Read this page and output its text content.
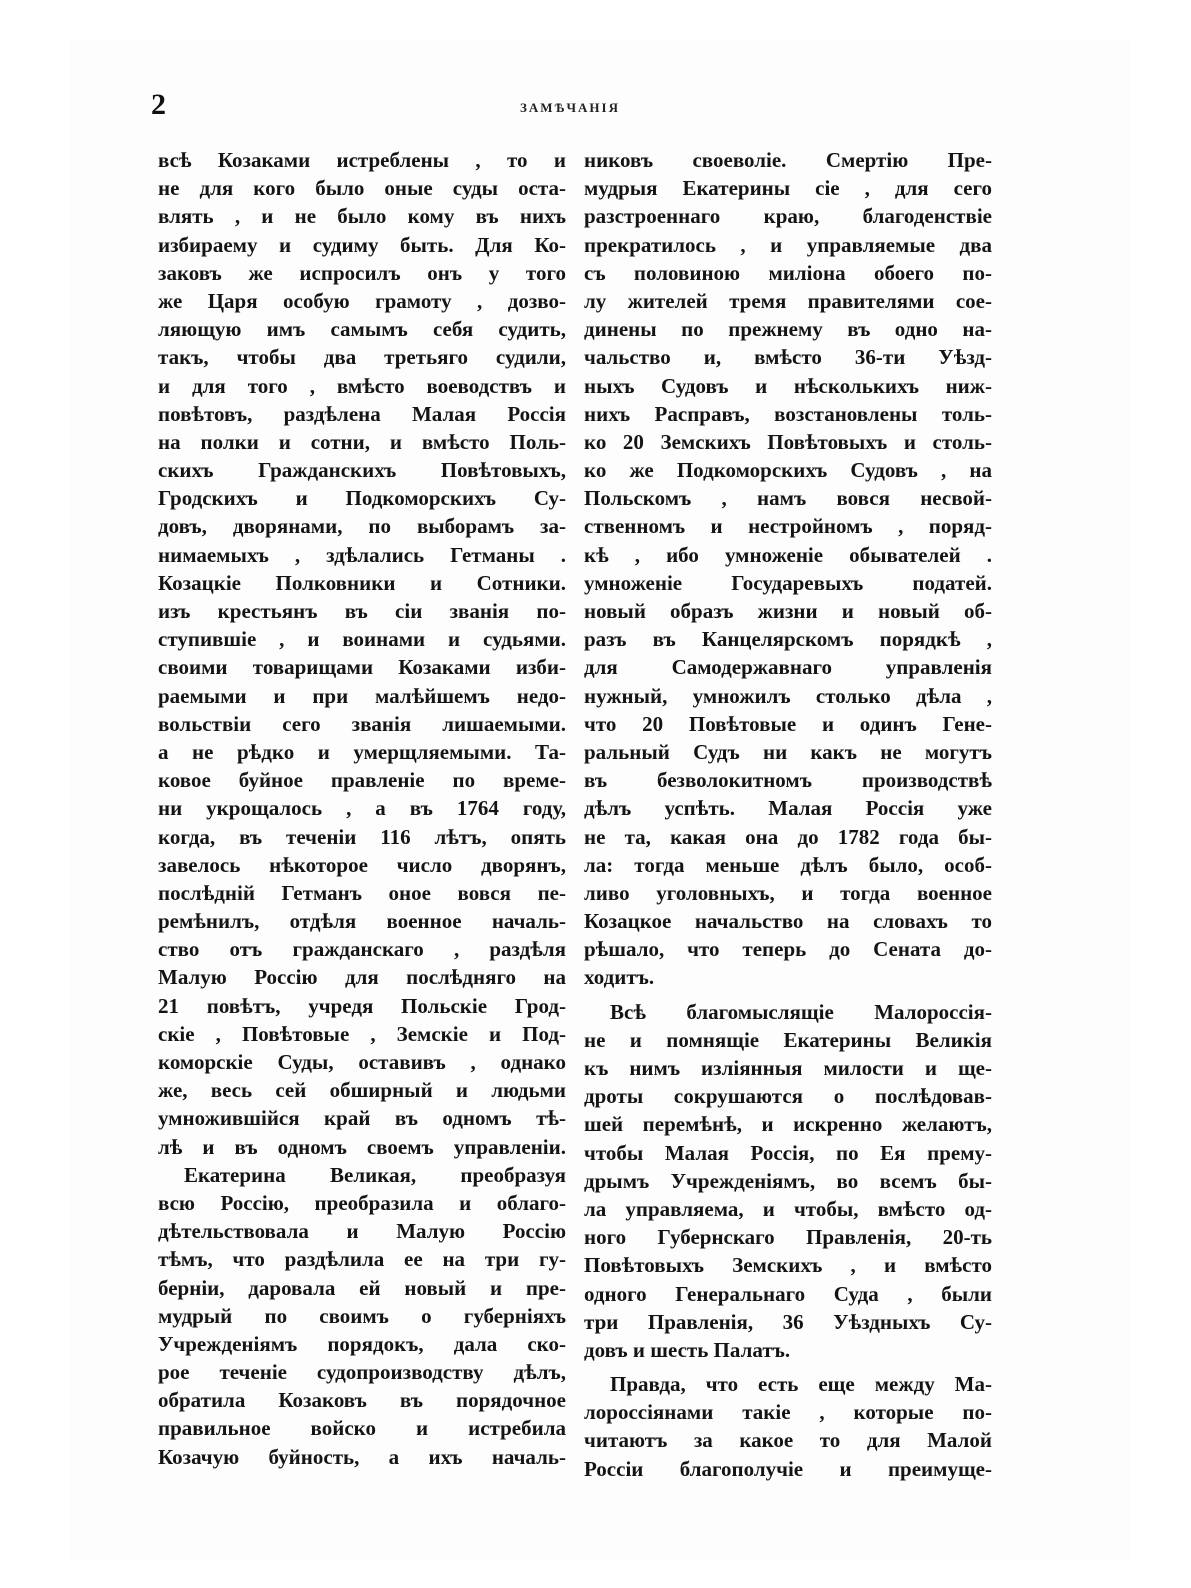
2	ЗАМѢЧАНІЯ
всѣ Козаками истреблены , то и
не для кого было оные суды оста-
влять , и не было кому въ нихъ
избираему и судиму быть. Для Ко-
заковъ же испросилъ онъ у того
же Царя особую грамоту , дозво-
ляющую имъ самымъ себя судить,
такъ, чтобы два третьяго судили,
и для того , вмѣсто воеводствъ и
повѣтовъ, раздѣлена Малая Россія
на полки и сотни, и вмѣсто Поль-
скихъ Гражданскихъ Повѣтовыхъ,
Гродскихъ и Подкоморскихъ Су-
довъ, дворянами, по выборамъ за-
нимаемыхъ , здѣлались Гетманы .
Козацкіе Полковники и Сотники.
изъ крестьянъ въ сіи званія по-
ступившіе , и воинами и судьями.
своими товарищами Козаками изби-
раемыми и при малѣйшемъ недо-
вольствіи сего званія лишаемыми.
а не рѣдко и умерщляемыми. Та-
ковое буйное правленіе по време-
ни укрощалось , а въ 1764 году,
когда, въ теченіи 116 лѣтъ, опять
завелось нѣкоторое число дворянъ,
послѣдній Гетманъ оное вовся пе-
ремѣнилъ, отдѣля военное началь-
ство отъ гражданскаго , раздѣля
Малую Россію для послѣдняго на
21 повѣтъ, учредя Польскіе Грод-
скіе , Повѣтовые , Земскіе и Под-
коморскіе Суды, оставивъ , однако
же, весь сей обширный и людьми
умножившійся край въ одномъ тѣ-
лѣ и въ одномъ своемъ управленіи.
Екатерина Великая, преобразуя
всю Россію, преобразила и облаго-
дѣтельствовала и Малую Россію
тѣмъ, что раздѣлила ее на три гу-
берніи, даровала ей новый и пре-
мудрый по своимъ о губерніяхъ
Учрежденіямъ порядокъ, дала ско-
рое теченіе судопроизводству дѣлъ,
обратила Козаковъ въ порядочное
правильное войско и истребила
Козачую буйность, а ихъ началь-
никовъ своеволіе. Смертію Пре-
мудрыя Екатерины сіе , для сего
разстроеннаго краю, благоденствіе
прекратилось , и управляемые два
съ половиною миліона обоего по-
лу жителей тремя правителями сое-
динены по прежнему въ одно на-
чальство и, вмѣсто 36-ти Уѣзд-
ныхъ Судовъ и нѣсколькихъ ниж-
нихъ Расправъ, возстановлены толь-
ко 20 Земскихъ Повѣтовыхъ и столь-
ко же Подкоморскихъ Судовъ , на
Польскомъ , намъ вовся несвой-
ственномъ и нестройномъ , поряд-
кѣ , ибо умноженіе обывателей .
умноженіе Государевыхъ податей.
новый образъ жизни и новый об-
разъ въ Канцелярскомъ порядкѣ ,
для Самодержавнаго управленія
нужный, умножилъ столько дѣла ,
что 20 Повѣтовые и одинъ Гене-
ральный Судъ ни какъ не могутъ
въ безволокитномъ производствѣ
дѣлъ успѣть. Малая Россія уже
не та, какая она до 1782 года бы-
ла: тогда меньше дѣлъ было, особ-
ливо уголовныхъ, и тогда военное
Козацкое начальство на словахъ то
рѣшало, что теперь до Сената до-
ходитъ.
Всѣ благомыслящіе Малороссія-
не и помнящіе Екатерины Великія
къ нимъ изліянныя милости и ще-
дроты сокрушаются о послѣдовав-
шей перемѣнѣ, и искренно желаютъ,
чтобы Малая Россія, по Ея прему-
дрымъ Учрежденіямъ, во всемъ бы-
ла управляема, и чтобы, вмѣсто од-
ного Губернскаго Правленія, 20-ть
Повѣтовыхъ Земскихъ , и вмѣсто
одного Генеральнаго Суда , были
три Правленія, 36 Уѣздныхъ Су-
довъ и шесть Палатъ.
Правда, что есть еще между Ма-
лороссіянами такіе , которые по-
читаютъ за какое то для Малой
Россіи благополучіе и преимуще-
